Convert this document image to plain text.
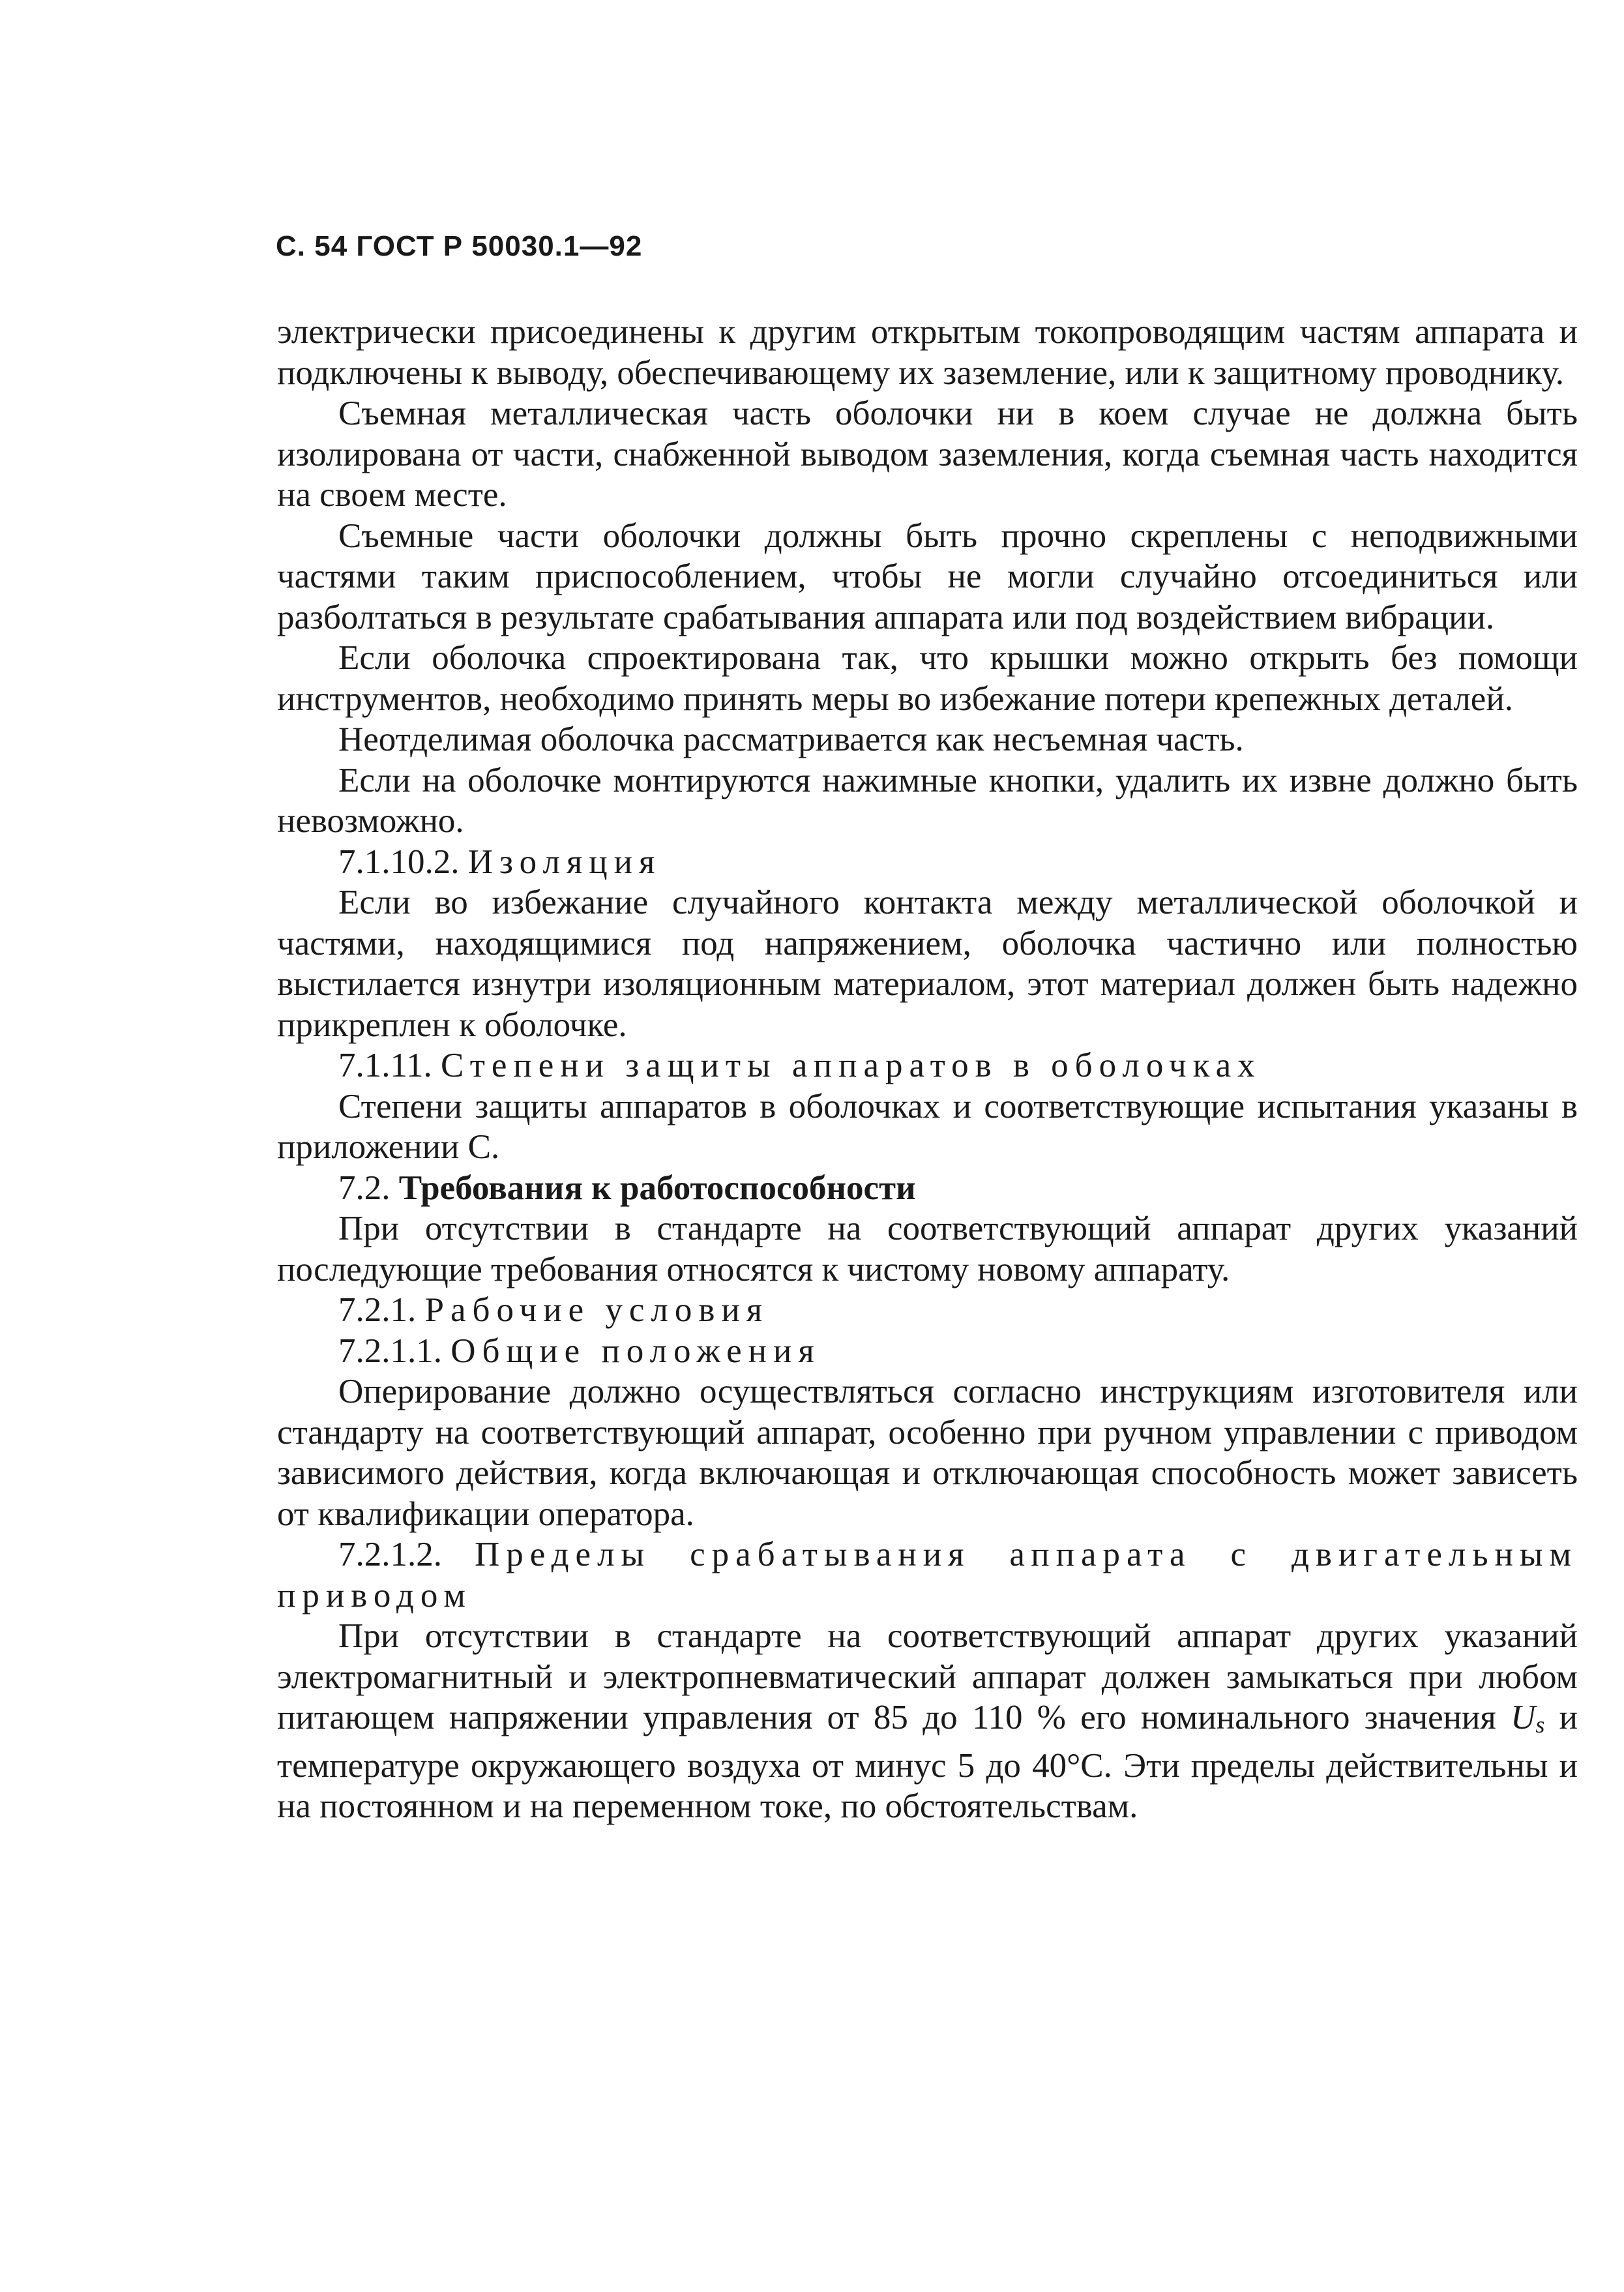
С. 54 ГОСТ Р 50030.1—92

электрически присоединены к другим открытым токопроводящим частям аппарата и подключены к выводу, обеспечивающему их заземление, или к защитному проводнику.

Съемная металлическая часть оболочки ни в коем случае не должна быть изолирована от части, снабженной выводом заземления, когда съемная часть находится на своем месте.

Съемные части оболочки должны быть прочно скреплены с неподвижными частями таким приспособлением, чтобы не могли случайно отсоединиться или разболтаться в результате срабатывания аппарата или под воздействием вибрации.

Если оболочка спроектирована так, что крышки можно открыть без помощи инструментов, необходимо принять меры во избежание потери крепежных деталей.

Неотделимая оболочка рассматривается как несъемная часть.

Если на оболочке монтируются нажимные кнопки, удалить их извне должно быть невозможно.

7.1.10.2. Изоляция

Если во избежание случайного контакта между металлической оболочкой и частями, находящимися под напряжением, оболочка частично или полностью выстилается изнутри изоляционным материалом, этот материал должен быть надежно прикреплен к оболочке.

7.1.11. Степени защиты аппаратов в оболочках

Степени защиты аппаратов в оболочках и соответствующие испытания указаны в приложении С.

7.2. Требования к работоспособности

При отсутствии в стандарте на соответствующий аппарат других указаний последующие требования относятся к чистому новому аппарату.

7.2.1. Рабочие условия

7.2.1.1. Общие положения

Оперирование должно осуществляться согласно инструкциям изготовителя или стандарту на соответствующий аппарат, особенно при ручном управлении с приводом зависимого действия, когда включающая и отключающая способность может зависеть от квалификации оператора.

7.2.1.2. Пределы срабатывания аппарата с двигательным приводом

При отсутствии в стандарте на соответствующий аппарат других указаний электромагнитный и электропневматический аппарат должен замыкаться при любом питающем напряжении управления от 85 до 110 % его номинального значения Us и температуре окружающего воздуха от минус 5 до 40°С. Эти пределы действительны и на постоянном и на переменном токе, по обстоятельствам.
